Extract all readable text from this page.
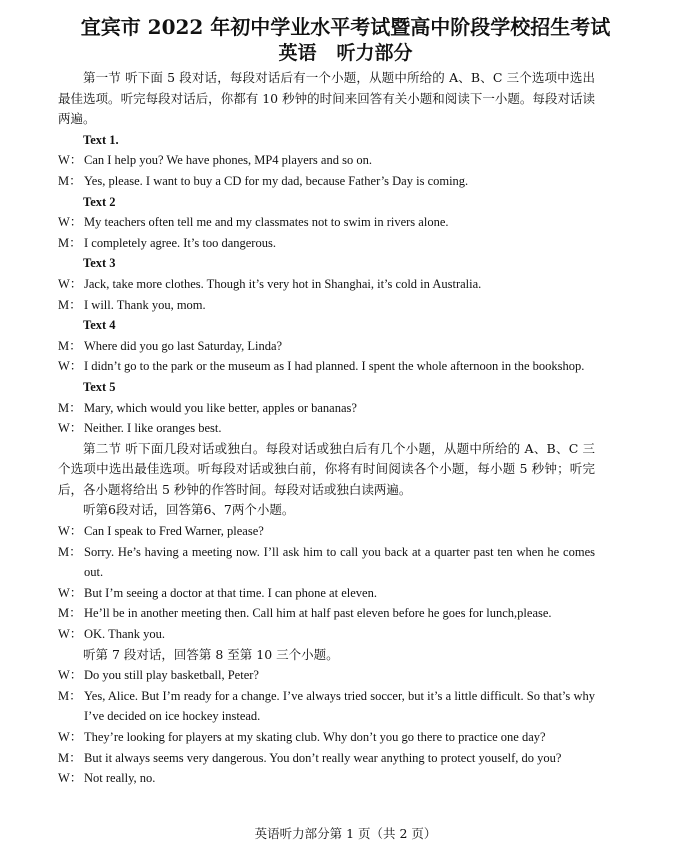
宜宾市 2022 年初中学业水平考试暨高中阶段学校招生考试
英语 听力部分

第一节 听下面 5 段对话，每段对话后有一个小题，从题中所给的 A、B、C 三个选项中选出最佳选项。听完每段对话后，你都有 10 秒钟的时间来回答有关小题和阅读下一小题。每段对话读两遍。

Text 1.
W： Can I help you? We have phones, MP4 players and so on.
M： Yes, please. I want to buy a CD for my dad, because Father’s Day is coming.
Text 2
W： My teachers often tell me and my classmates not to swim in rivers alone.
M： I completely agree. It’s too dangerous.
Text 3
W： Jack, take more clothes. Though it’s very hot in Shanghai, it’s cold in Australia.
M： I will. Thank you, mom.
Text 4
M： Where did you go last Saturday, Linda?
W： I didn’t go to the park or the museum as I had planned. I spent the whole afternoon in the bookshop.
Text 5
M： Mary, which would you like better, apples or bananas?
W： Neither. I like oranges best.

第二节 听下面几段对话或独白。每段对话或独白后有几个小题，从题中所给的 A、B、C 三个选项中选出最佳选项。听每段对话或独白前，你将有时间阅读各个小题，每小题 5 秒钟；听完后，各小题将给出 5 秒钟的作答时间。每段对话或独白读两遍。

听第6段对话，回答第6、7两个小题。
W： Can I speak to Fred Warner, please?
M： Sorry. He’s having a meeting now. I’ll ask him to call you back at a quarter past ten when he comes out.
W： But I’m seeing a doctor at that time. I can phone at eleven.
M： He’ll be in another meeting then. Call him at half past eleven before he goes for lunch,please.
W： OK. Thank you.
听第 7 段对话，回答第 8 至第 10 三个小题。
W： Do you still play basketball, Peter?
M： Yes, Alice. But I’m ready for a change. I’ve always tried soccer, but it’s a little difficult. So that’s why I’ve decided on ice hockey instead.
W： They’re looking for players at my skating club. Why don’t you go there to practice one day?
M： But it always seems very dangerous. You don’t really wear anything to protect youself, do you?
W： Not really, no.
英语听力部分第 1 页（共 2 页）
